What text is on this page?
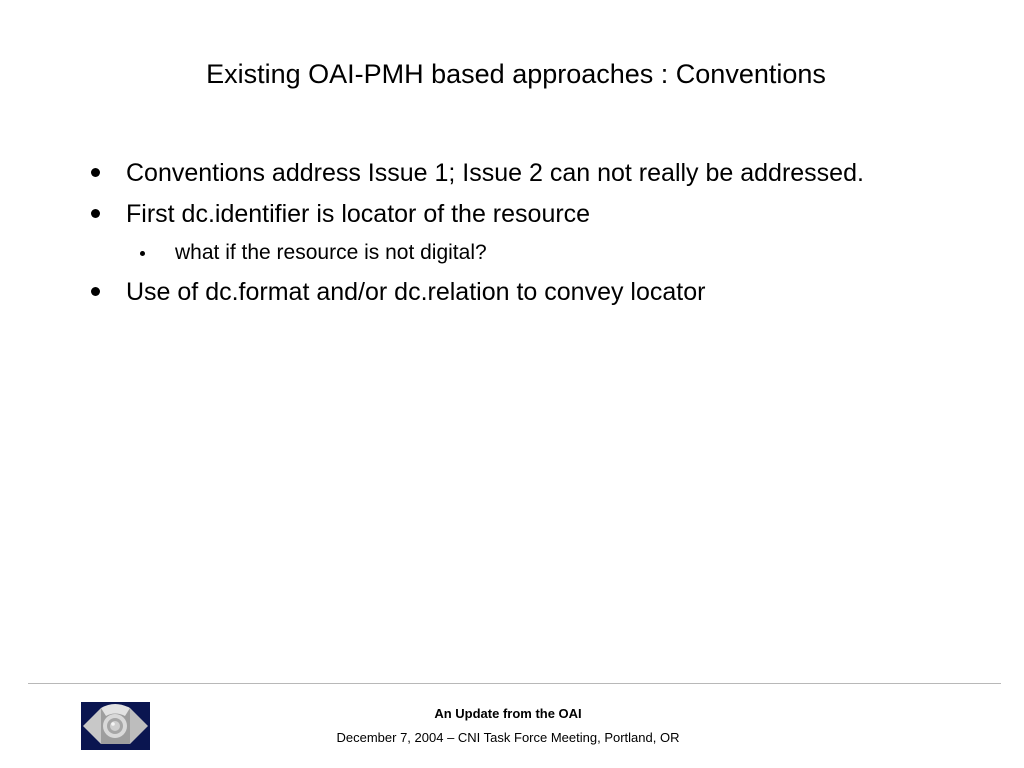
Existing OAI-PMH based approaches : Conventions
Conventions address Issue 1; Issue 2 can not really be addressed.
First dc.identifier is locator of the resource
what if the resource is not digital?
Use of dc.format and/or dc.relation to convey locator
An Update from the OAI
December 7, 2004 – CNI Task Force Meeting, Portland, OR
